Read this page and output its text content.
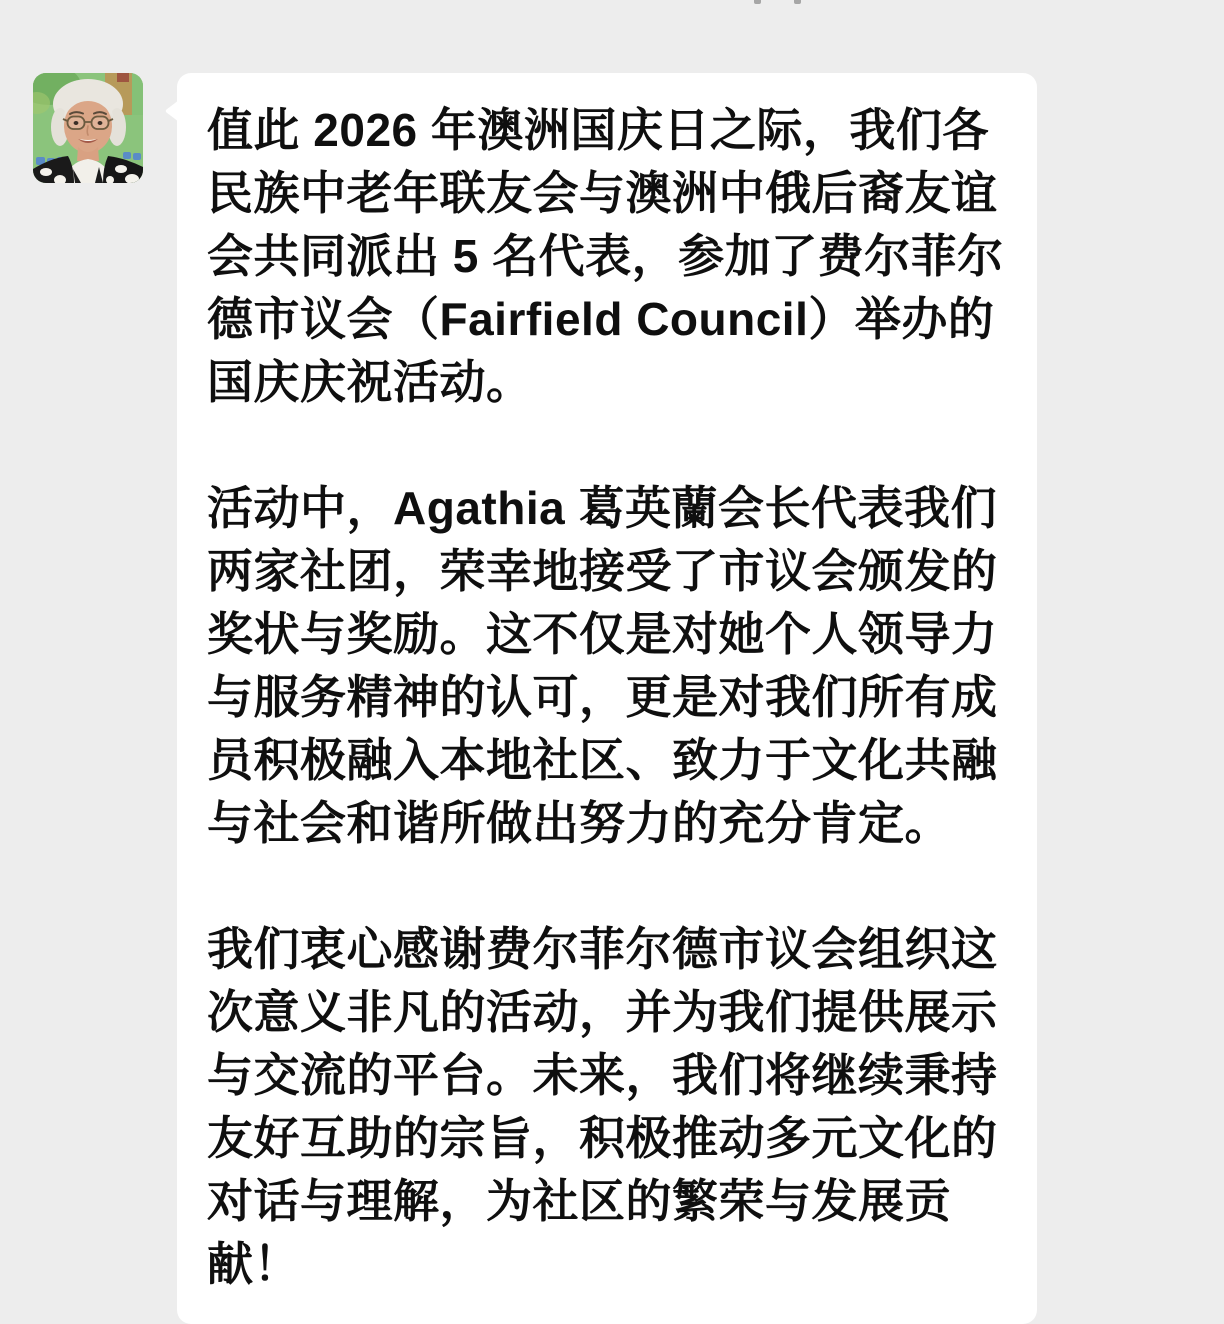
值此 2026 年澳洲国庆日之际，我们各民族中老年联友会与澳洲中俄后裔友谊会共同派出 5 名代表，参加了费尔菲尔德市议会（Fairfield Council）举办的国庆庆祝活动。

活动中，Agathia 葛英蘭会长代表我们两家社团，荣幸地接受了市议会颁发的奖状与奖励。这不仅是对她个人领导力与服务精神的认可，更是对我们所有成员积极融入本地社区、致力于文化共融与社会和谐所做出努力的充分肯定。

我们衷心感谢费尔菲尔德市议会组织这次意义非凡的活动，并为我们提供展示与交流的平台。未来，我们将继续秉持友好互助的宗旨，积极推动多元文化的对话与理解，为社区的繁荣与发展贡献！
